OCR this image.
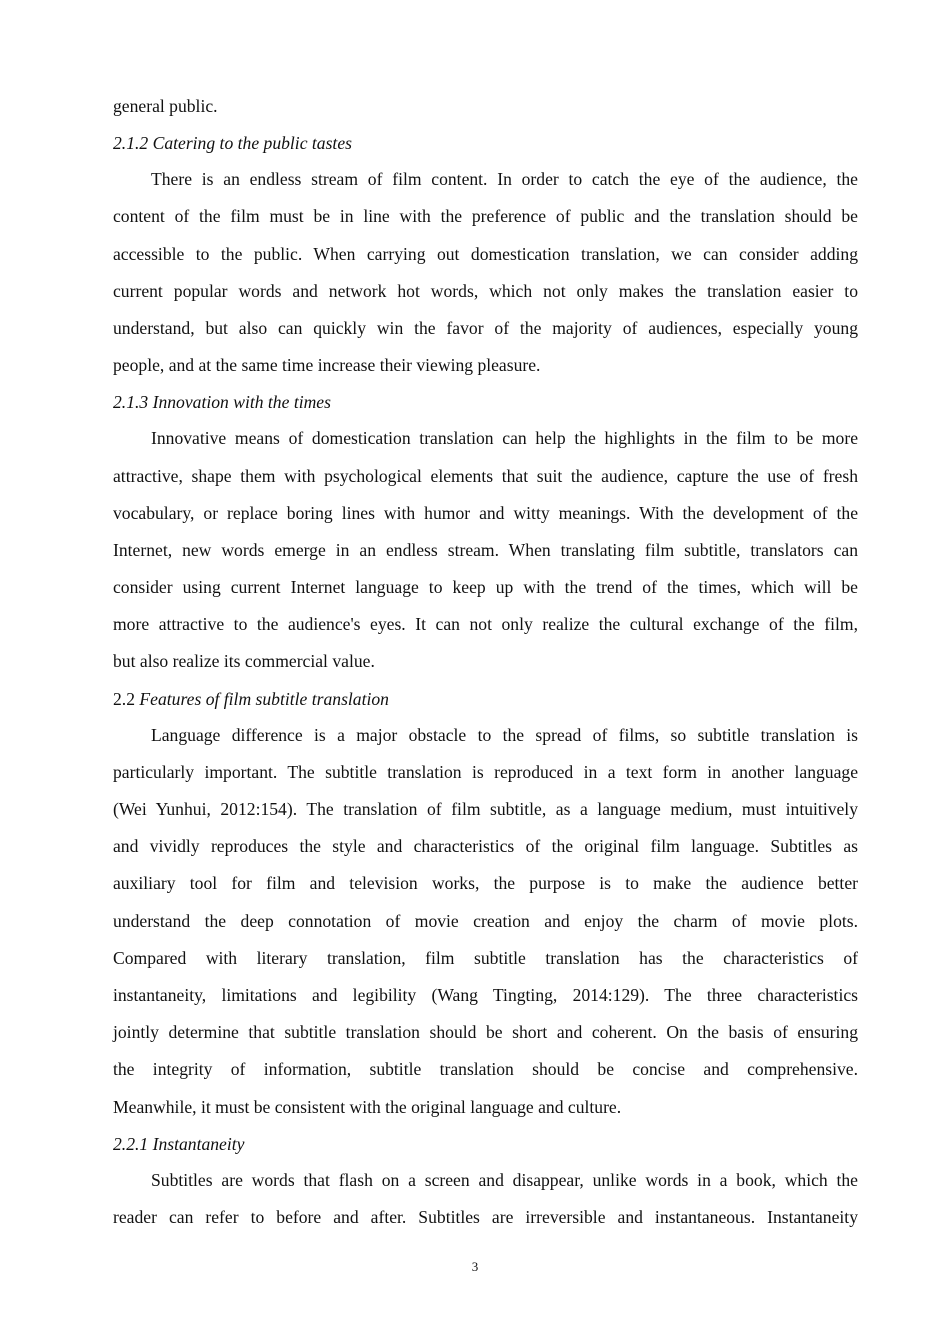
general public.
2.1.2 Catering to the public tastes
There is an endless stream of film content. In order to catch the eye of the audience, the
content of the film must be in line with the preference of public and the translation should be
accessible to the public. When carrying out domestication translation, we can consider adding
current popular words and network hot words, which not only makes the translation easier to
understand, but also can quickly win the favor of the majority of audiences, especially young
people, and at the same time increase their viewing pleasure.
2.1.3 Innovation with the times
Innovative means of domestication translation can help the highlights in the film to be more
attractive, shape them with psychological elements that suit the audience, capture the use of fresh
vocabulary, or replace boring lines with humor and witty meanings. With the development of the
Internet, new words emerge in an endless stream. When translating film subtitle, translators can
consider using current Internet language to keep up with the trend of the times, which will be
more attractive to the audience's eyes. It can not only realize the cultural exchange of the film,
but also realize its commercial value.
2.2 Features of film subtitle translation
Language difference is a major obstacle to the spread of films, so subtitle translation is
particularly important. The subtitle translation is reproduced in a text form in another language
(Wei Yunhui, 2012:154). The translation of film subtitle, as a language medium, must intuitively
and vividly reproduces the style and characteristics of the original film language. Subtitles as
auxiliary tool for film and television works, the purpose is to make the audience better
understand the deep connotation of movie creation and enjoy the charm of movie plots.
Compared with literary translation, film subtitle translation has the characteristics of
instantaneity, limitations and legibility (Wang Tingting, 2014:129). The three characteristics
jointly determine that subtitle translation should be short and coherent. On the basis of ensuring
the integrity of information, subtitle translation should be concise and comprehensive.
Meanwhile, it must be consistent with the original language and culture.
2.2.1 Instantaneity
Subtitles are words that flash on a screen and disappear, unlike words in a book, which the
reader can refer to before and after. Subtitles are irreversible and instantaneous. Instantaneity
3
